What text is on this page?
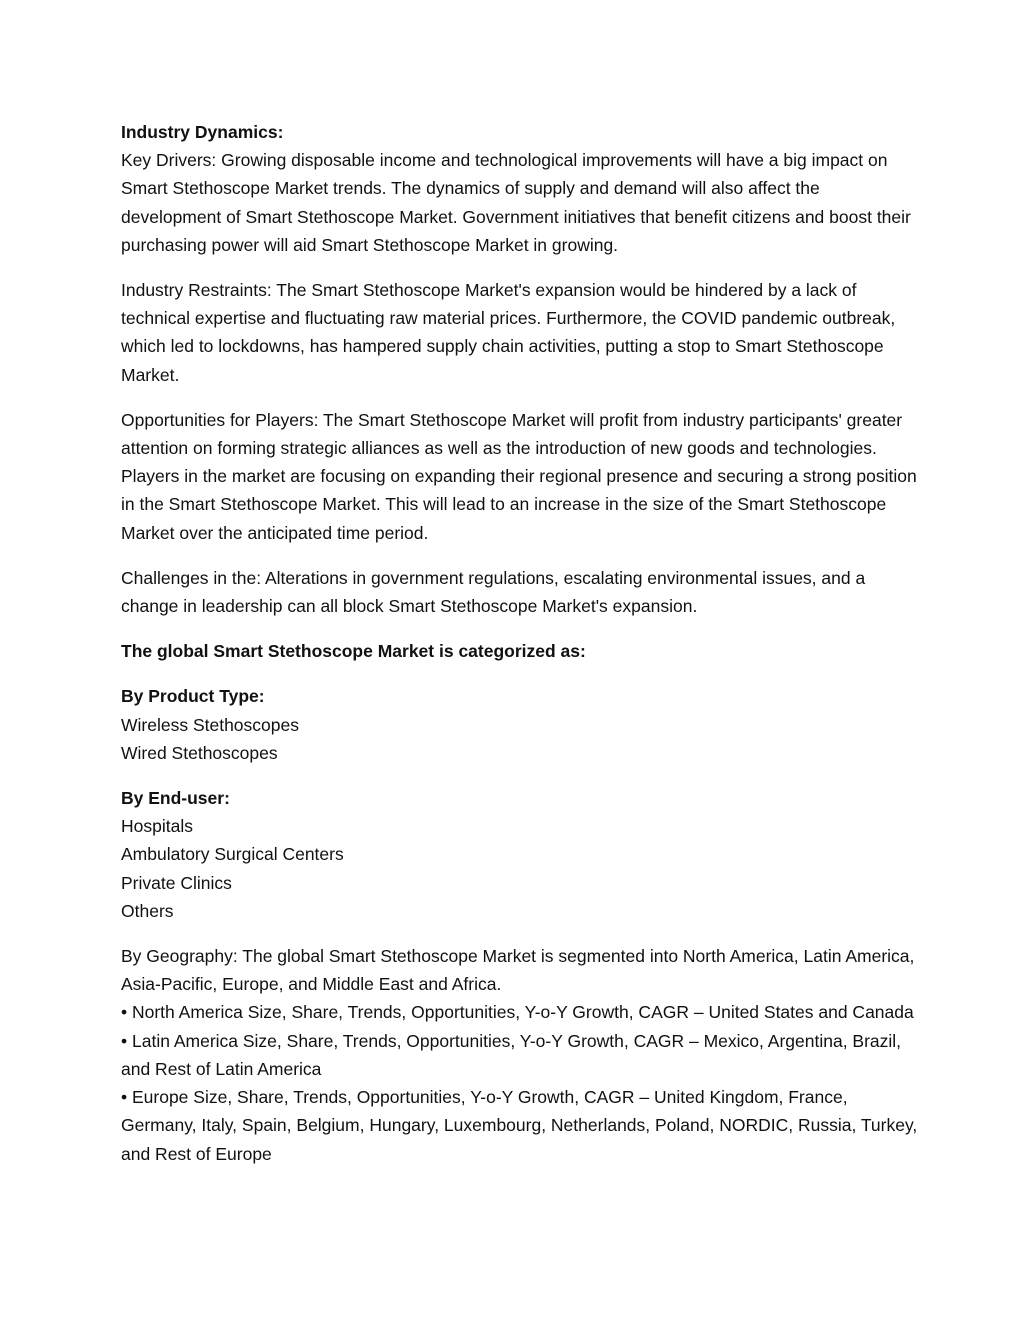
Industry Dynamics:
Key Drivers: Growing disposable income and technological improvements will have a big impact on Smart Stethoscope Market trends. The dynamics of supply and demand will also affect the development of Smart Stethoscope Market. Government initiatives that benefit citizens and boost their purchasing power will aid Smart Stethoscope Market in growing.

Industry Restraints: The Smart Stethoscope Market's expansion would be hindered by a lack of technical expertise and fluctuating raw material prices. Furthermore, the COVID pandemic outbreak, which led to lockdowns, has hampered supply chain activities, putting a stop to Smart Stethoscope Market.

Opportunities for Players: The Smart Stethoscope Market will profit from industry participants' greater attention on forming strategic alliances as well as the introduction of new goods and technologies. Players in the market are focusing on expanding their regional presence and securing a strong position in the Smart Stethoscope Market. This will lead to an increase in the size of the Smart Stethoscope Market over the anticipated time period.

Challenges in the: Alterations in government regulations, escalating environmental issues, and a change in leadership can all block Smart Stethoscope Market's expansion.

The global Smart Stethoscope Market is categorized as:

By Product Type:
Wireless Stethoscopes
Wired Stethoscopes

By End-user:
Hospitals
Ambulatory Surgical Centers
Private Clinics
Others

By Geography: The global Smart Stethoscope Market is segmented into North America, Latin America, Asia-Pacific, Europe, and Middle East and Africa.
• North America Size, Share, Trends, Opportunities, Y-o-Y Growth, CAGR – United States and Canada
• Latin America Size, Share, Trends, Opportunities, Y-o-Y Growth, CAGR – Mexico, Argentina, Brazil, and Rest of Latin America
• Europe Size, Share, Trends, Opportunities, Y-o-Y Growth, CAGR – United Kingdom, France, Germany, Italy, Spain, Belgium, Hungary, Luxembourg, Netherlands, Poland, NORDIC, Russia, Turkey, and Rest of Europe
